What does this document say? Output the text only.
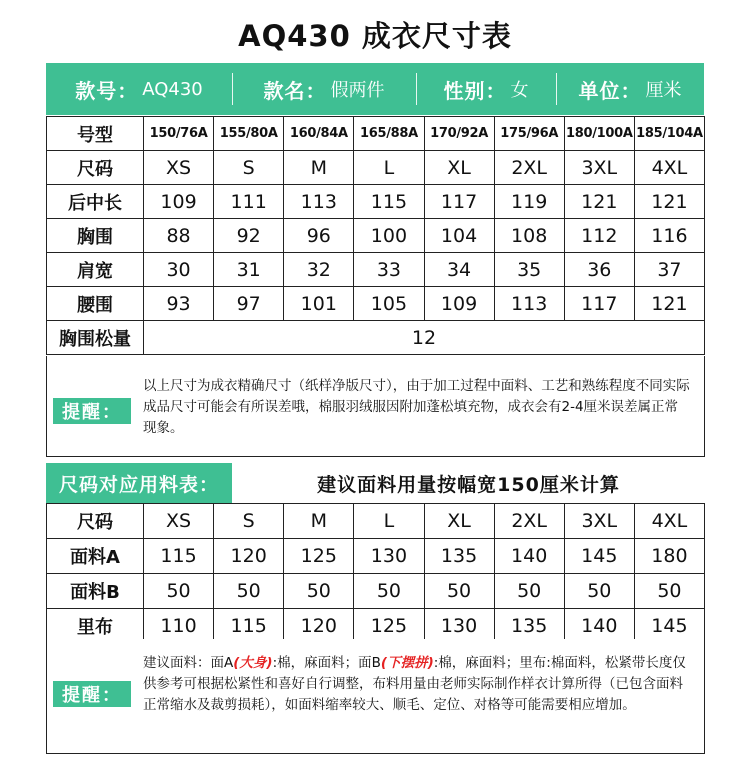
AQ430 成衣尺寸表
款号： AQ430	款名： 假两件	性别： 女	单位： 厘米
号型	150/76A	155/80A	160/84A	165/88A	170/92A	175/96A	180/100A	185/104A
尺码	XS	S	M	L	XL	2XL	3XL	4XL
后中长	109	111	113	115	117	119	121	121
胸围	88	92	96	100	104	108	112	116
肩宽	30	31	32	33	34	35	36	37
腰围	93	97	101	105	109	113	117	121
胸围松量	12							
提醒：
以上尺寸为成衣精确尺寸（纸样净版尺寸），由于加工过程中面料、工艺和熟练程度不同实际成品尺寸可能会有所误差哦，棉服羽绒服因附加蓬松填充物，成衣会有2-4厘米误差属正常现象。
尺码对应用料表：	建议面料用量按幅宽150厘米计算
尺码	XS	S	M	L	XL	2XL	3XL	4XL
面料A	115	120	125	130	135	140	145	180
面料B	50	50	50	50	50	50	50	50
里布	110	115	120	125	130	135	140	145
提醒：
建议面料：面A(大身):棉，麻面料；面B(下摆拼):棉，麻面料；里布:棉面料，松紧带长度仅供参考可根据松紧性和喜好自行调整，布料用量由老师实际制作样衣计算所得（已包含面料正常缩水及裁剪损耗），如面料缩率较大、顺毛、定位、对格等可能需要相应增加。
